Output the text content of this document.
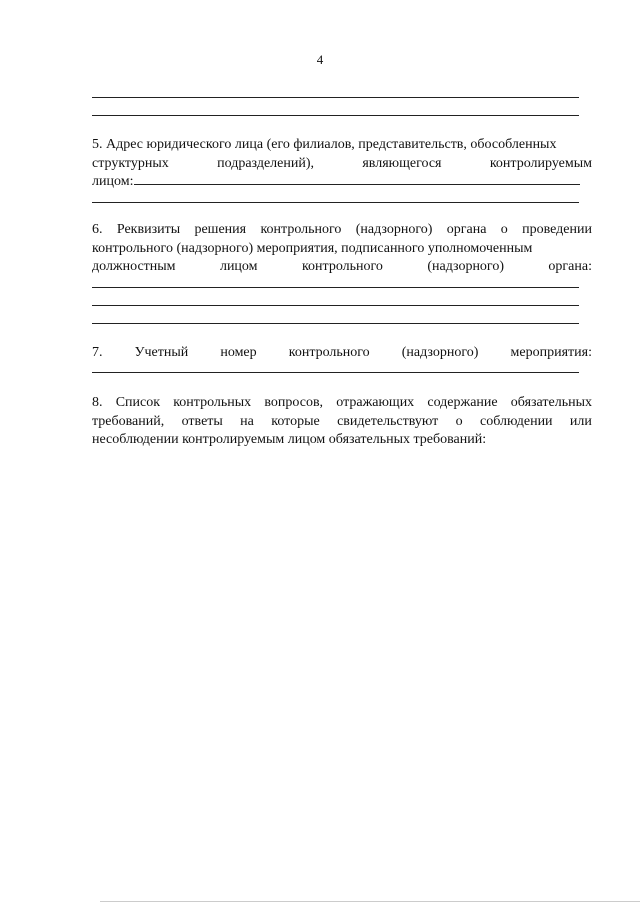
4
5. Адрес юридического лица (его филиалов, представительств, обособленных
структурных	подразделений),	являющегося	контролируемым
лицом:
6. Реквизиты решения контрольного (надзорного) органа о проведении
контрольного (надзорного) мероприятия, подписанного уполномоченным
должностным	лицом	контрольного	(надзорного)	органа:
7. Учетный номер контрольного (надзорного) мероприятия:
8. Список контрольных вопросов, отражающих содержание обязательных
требований, ответы на которые свидетельствуют о соблюдении или
несоблюдении контролируемым лицом обязательных требований:
